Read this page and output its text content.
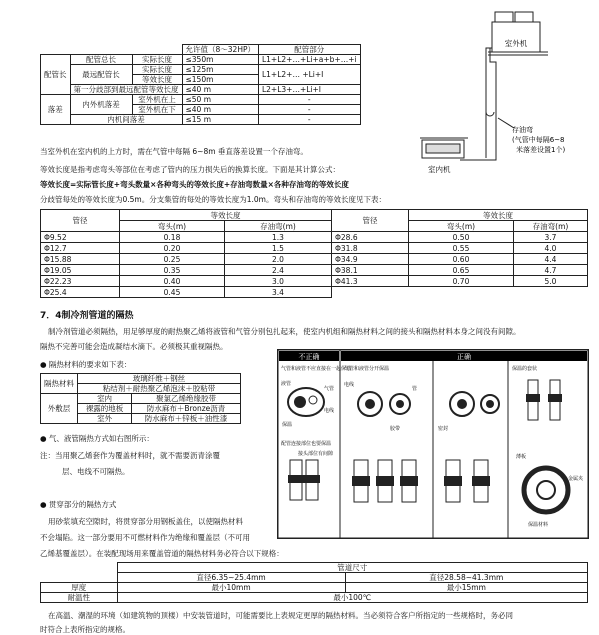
			允许值（8～32HP）	配管部分
配管长	配管总长	实际长度	≤350m	L1+L2+…+Li+a+b+…+i
	最远配管长	实际长度	≤125m	L1+L2+… +Li+I
		等效长度	≤150m	
	第一分歧部到最远配管等效长度		≤40 m	L2+L3+…+Li+I
落差	内外机落差	室外机在上	≤50 m	-
		室外机在下	≤40 m	-
	内机间落差		≤15 m	-
室外机
存油弯
(气管中每隔6~8
米落差设置1个)
室内机
当室外机在室内机的上方时，需在气管中每隔 6~8m 垂直落差设置一个存油弯。
等效长度是指考虑弯头等部位在考虑了管内的压力损失后的换算长度。下面是其计算公式：
等效长度=实际管长度+弯头数量×各种弯头的等效长度+存油弯数量×各种存油弯的等效长度
分歧管每处的等效长度为0.5m。分支集管的每处的等效长度为1.0m。弯头和存油弯的等效长度见下表：
管径	等效长度		管径	等效长度	
	弯头(m)	存油弯(m)		弯头(m)	存油弯(m)
Φ9.52	0.18	1.3	Φ28.6	0.50	3.7
Φ12.7	0.20	1.5	Φ31.8	0.55	4.0
Φ15.88	0.25	2.0	Φ34.9	0.60	4.4
Φ19.05	0.35	2.4	Φ38.1	0.65	4.7
Φ22.23	0.40	3.0	Φ41.3	0.70	5.0
Φ25.4	0.45	3.4			
7．4制冷剂管道的隔热
制冷剂管道必须隔热，用足够厚度的耐热聚乙烯将液管和气管分别包扎起来，使室内机组和隔热材料之间的接头和隔热材料本身之间没有间隙。
隔热不完善可能会造成凝结水滴下。必须极其重视隔热。
● 隔热材料的要求如下表：
隔热材料	玻璃纤维＋钢丝	
	粘结剂＋耐热聚乙烯泡沫＋胶粘带	
外敷层	室内	聚氯乙烯绝缘胶带
	裸露的地板	防水麻布＋Bronze沥青
	室外	防水麻布＋锌板＋油性漆
● 气、液管隔热方式如右图所示：
注：当用聚乙烯套作为覆盖材料时，就不需要沥青涂覆
层、电线不可隔热。
● 贯穿部分的隔热方式
用砂浆填充空隙时，将贯穿部分用钢板盖住，以使隔热材料
不会塌陷。这一部分要用不可燃材料作为绝缘和覆盖层（不可用
乙烯基覆盖层）。在装配现场用来覆盖管道的隔热材料务必符合以下规格：
不正确	正确
气管和液管不应直接在一起保温
液管
气管
保温
电线
配管连接部位也要保温
接头部位有间隙
气管和液管分开保温
电线
管
胶带	密封
保温的套状
薄板
金属夹
保温材料
	管道尺寸	
	直径6.35~25.4mm	直径28.58~41.3mm
厚度	最小10mm	最小15mm
耐温性	最小100℃	
在高温、潮湿的环境（如建筑物的顶楼）中安装管道时，可能需要比上表规定更厚的隔热材料。当必须符合客户所指定的一些规格时，务必同
时符合上表所指定的规格。
